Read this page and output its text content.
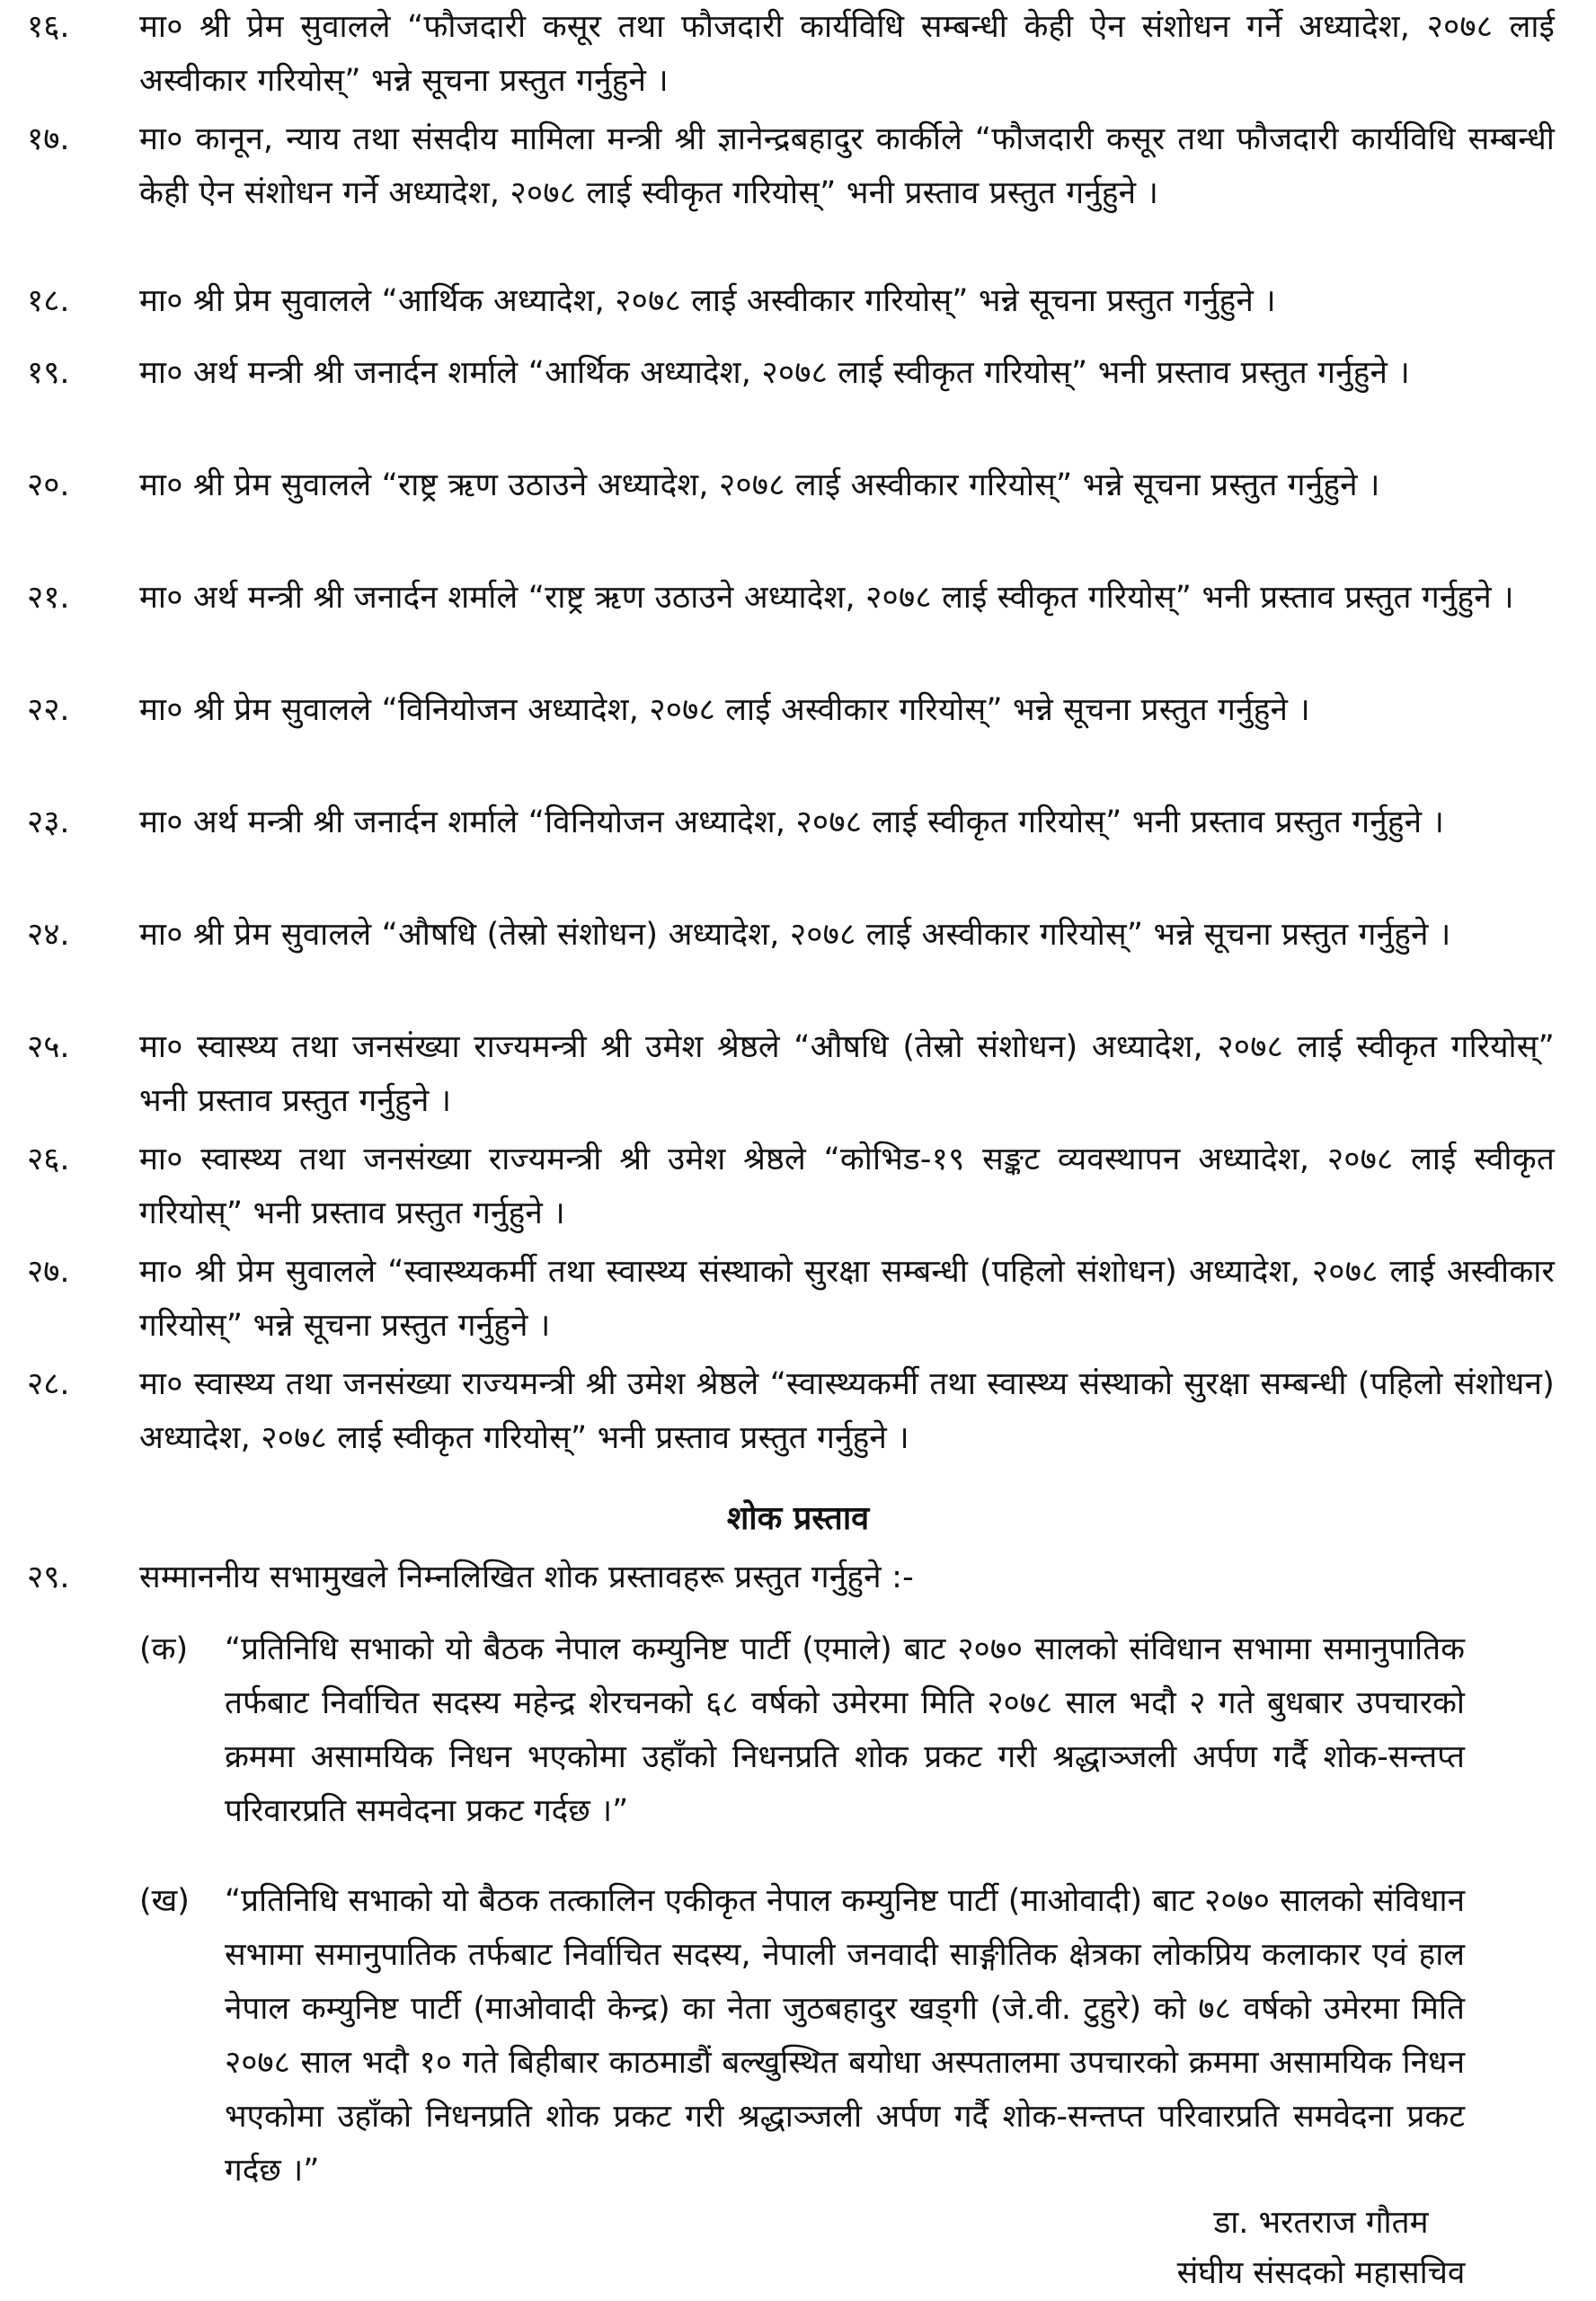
१६.	मा० श्री प्रेम सुवालले “फौजदारी कसूर तथा फौजदारी कार्यविधि सम्बन्धी केही ऐन संशोधन गर्ने अध्यादेश, २०७८ लाई अस्वीकार गरियोस्” भन्ने सूचना प्रस्तुत गर्नुहुने ।
१७.	मा० कानून, न्याय तथा संसदीय मामिला मन्त्री श्री ज्ञानेन्द्रबहादुर कार्कीले “फौजदारी कसूर तथा फौजदारी कार्यविधि सम्बन्धी केही ऐन संशोधन गर्ने अध्यादेश, २०७८ लाई स्वीकृत गरियोस्” भनी प्रस्ताव प्रस्तुत गर्नुहुने ।
१८.	मा० श्री प्रेम सुवालले “आर्थिक अध्यादेश, २०७८ लाई अस्वीकार गरियोस्” भन्ने सूचना प्रस्तुत गर्नुहुने ।
१९.	मा० अर्थ मन्त्री श्री जनार्दन शर्माले “आर्थिक अध्यादेश, २०७८ लाई स्वीकृत गरियोस्” भनी प्रस्ताव प्रस्तुत गर्नुहुने ।
२०.	मा० श्री प्रेम सुवालले “राष्ट्र ऋण उठाउने अध्यादेश, २०७८ लाई अस्वीकार गरियोस्” भन्ने सूचना प्रस्तुत गर्नुहुने ।
२१.	मा० अर्थ मन्त्री श्री जनार्दन शर्माले “राष्ट्र ऋण उठाउने अध्यादेश, २०७८ लाई स्वीकृत गरियोस्” भनी प्रस्ताव प्रस्तुत गर्नुहुने ।
२२.	मा० श्री प्रेम सुवालले “विनियोजन अध्यादेश, २०७८ लाई अस्वीकार गरियोस्” भन्ने सूचना प्रस्तुत गर्नुहुने ।
२३.	मा० अर्थ मन्त्री श्री जनार्दन शर्माले “विनियोजन अध्यादेश, २०७८ लाई स्वीकृत गरियोस्” भनी प्रस्ताव प्रस्तुत गर्नुहुने ।
२४.	मा० श्री प्रेम सुवालले “औषधि (तेस्रो संशोधन) अध्यादेश, २०७८ लाई अस्वीकार गरियोस्” भन्ने सूचना प्रस्तुत गर्नुहुने ।
२५.	मा० स्वास्थ्य तथा जनसंख्या राज्यमन्त्री श्री उमेश श्रेष्ठले “औषधि (तेस्रो संशोधन) अध्यादेश, २०७८ लाई स्वीकृत गरियोस्” भनी प्रस्ताव प्रस्तुत गर्नुहुने ।
२६.	मा० स्वास्थ्य तथा जनसंख्या राज्यमन्त्री श्री उमेश श्रेष्ठले “कोभिड-१९ सङ्कट व्यवस्थापन अध्यादेश, २०७८ लाई स्वीकृत गरियोस्” भनी प्रस्ताव प्रस्तुत गर्नुहुने ।
२७.	मा० श्री प्रेम सुवालले “स्वास्थ्यकर्मी तथा स्वास्थ्य संस्थाको सुरक्षा सम्बन्धी (पहिलो संशोधन) अध्यादेश, २०७८ लाई अस्वीकार गरियोस्” भन्ने सूचना प्रस्तुत गर्नुहुने ।
२८.	मा० स्वास्थ्य तथा जनसंख्या राज्यमन्त्री श्री उमेश श्रेष्ठले “स्वास्थ्यकर्मी तथा स्वास्थ्य संस्थाको सुरक्षा सम्बन्धी (पहिलो संशोधन) अध्यादेश, २०७८ लाई स्वीकृत गरियोस्” भनी प्रस्ताव प्रस्तुत गर्नुहुने ।
शोक प्रस्ताव
२९.	सम्माननीय सभामुखले निम्नलिखित शोक प्रस्तावहरू प्रस्तुत गर्नुहुने :-
(क)	“प्रतिनिधि सभाको यो बैठक नेपाल कम्युनिष्ट पार्टी (एमाले) बाट २०७० सालको संविधान सभामा समानुपातिक तर्फबाट निर्वाचित सदस्य महेन्द्र शेरचनको ६८ वर्षको उमेरमा मिति २०७८ साल भदौ २ गते बुधबार उपचारको क्रममा असामयिक निधन भएकोमा उहाँको निधनप्रति शोक प्रकट गरी श्रद्धाञ्जली अर्पण गर्दै शोक-सन्तप्त परिवारप्रति समवेदना प्रकट गर्दछ ।”
(ख)	“प्रतिनिधि सभाको यो बैठक तत्कालिन एकीकृत नेपाल कम्युनिष्ट पार्टी (माओवादी) बाट २०७० सालको संविधान सभामा समानुपातिक तर्फबाट निर्वाचित सदस्य, नेपाली जनवादी साङ्गीतिक क्षेत्रका लोकप्रिय कलाकार एवं हाल नेपाल कम्युनिष्ट पार्टी (माओवादी केन्द्र) का नेता जुठबहादुर खड्गी (जे.वी. टुहुरे) को ७८ वर्षको उमेरमा मिति २०७८ साल भदौ १० गते बिहीबार काठमाडौं बल्खुस्थित बयोधा अस्पतालमा उपचारको क्रममा असामयिक निधन भएकोमा उहाँको निधनप्रति शोक प्रकट गरी श्रद्धाञ्जली अर्पण गर्दै शोक-सन्तप्त परिवारप्रति समवेदना प्रकट गर्दछ ।”
डा. भरतराज गौतम
संघीय संसदको महासचिव
